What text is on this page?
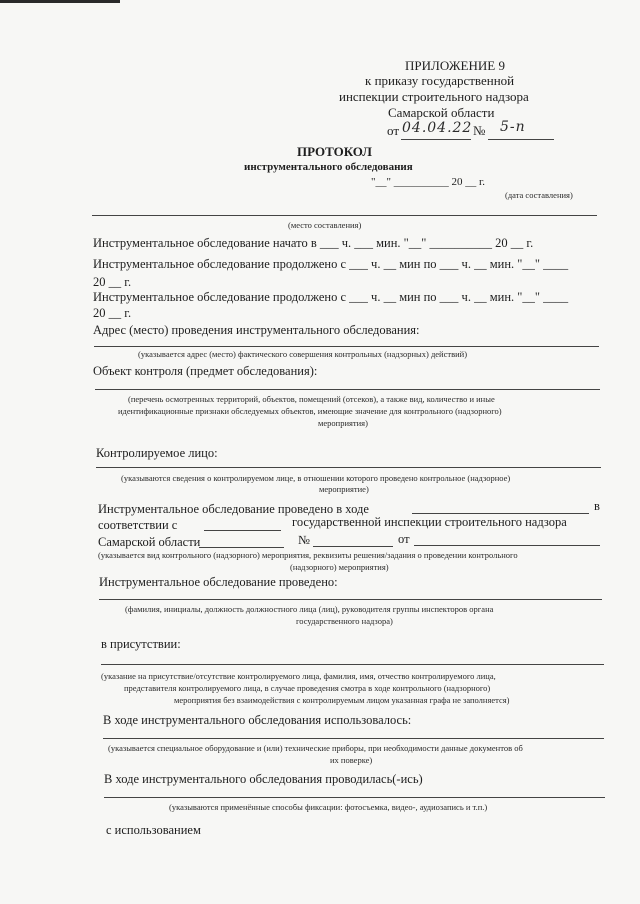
ПРИЛОЖЕНИЕ 9
к приказу государственной
инспекции строительного надзора
Самарской области
от 04.04.22 № 5-п
ПРОТОКОЛ
инструментального обследования
"__" __________ 20 __ г.
(дата составления)
(место составления)
Инструментальное обследование начато в ___ ч. ___ мин. "__" __________ 20 __ г.
Инструментальное обследование продолжено с ___ ч. __ мин по ___ ч. __ мин. "__" ____
20 __ г.
Инструментальное обследование продолжено с ___ ч. __ мин по ___ ч. __ мин. "__" ____
20 __ г.
Адрес (место) проведения инструментального обследования:
(указывается адрес (место) фактического совершения контрольных (надзорных) действий)
Объект контроля (предмет обследования):
(перечень осмотренных территорий, объектов, помещений (отсеков), а также вид, количество и иные
идентификационные признаки обследуемых объектов, имеющие значение для контрольного (надзорного)
мероприятия)
Контролируемое лицо:
(указываются сведения о контролируемом лице, в отношении которого проведено контрольное (надзорное)
мероприятие)
Инструментальное обследование проведено в ходе	в
соответствии с	государственной инспекции строительного надзора
Самарской области	№	от
(указывается вид контрольного (надзорного) мероприятия, реквизиты решения/задания о проведении контрольного
(надзорного) мероприятия)
Инструментальное обследование проведено:
(фамилия, инициалы, должность должностного лица (лиц), руководителя группы инспекторов органа
государственного надзора)
в присутствии:
(указание на присутствие/отсутствие контролируемого лица, фамилия, имя, отчество контролируемого лица,
представителя контролируемого лица, в случае проведения смотра в ходе контрольного (надзорного)
мероприятия без взаимодействия с контролируемым лицом указанная графа не заполняется)
В ходе инструментального обследования использовалось:
(указывается специальное оборудование и (или) технические приборы, при необходимости данные документов об
их поверке)
В ходе инструментального обследования проводилась(-ись)
(указываются применённые способы фиксации: фотосъемка, видео-, аудиозапись и т.п.)
с использованием
